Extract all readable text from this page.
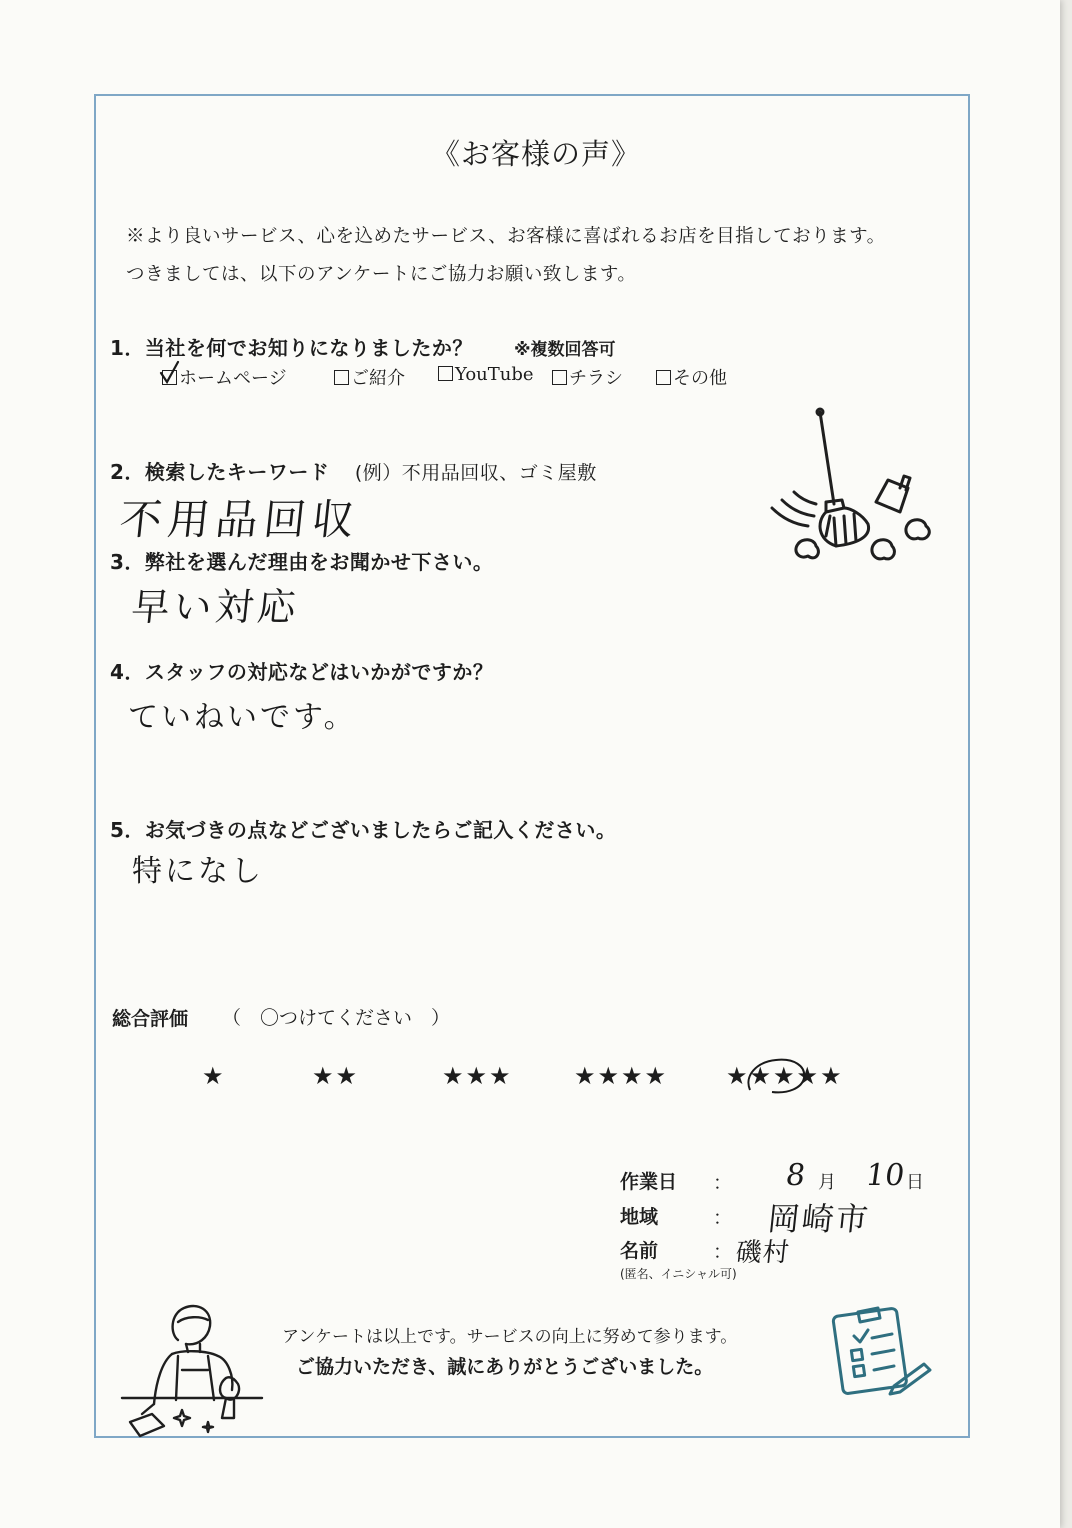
《お客様の声》
※より良いサービス、心を込めたサービス、お客様に喜ばれるお店を目指しております。
つきましては、以下のアンケートにご協力お願い致します。
1．当社を何でお知りになりましたか？ ※複数回答可
ホームページ	ご紹介	YouTube	チラシ	その他
2．検索したキーワード (例）不用品回収、ゴミ屋敷
不用品回収
3．弊社を選んだ理由をお聞かせ下さい。
早い対応
4．スタッフの対応などはいかがですか？
ていねいです。
5．お気づきの点などございましたらご記入ください。
特になし
総合評価 （　〇つけてください　）
★	★★	★★★	★★★★ ★★★★★
作業日 ： 8 月 10 日
地域	： 岡崎市
名前	： 磯村
(匿名、イニシャル可)
アンケートは以上です。サービスの向上に努めて参ります。
ご協力いただき、誠にありがとうございました。
